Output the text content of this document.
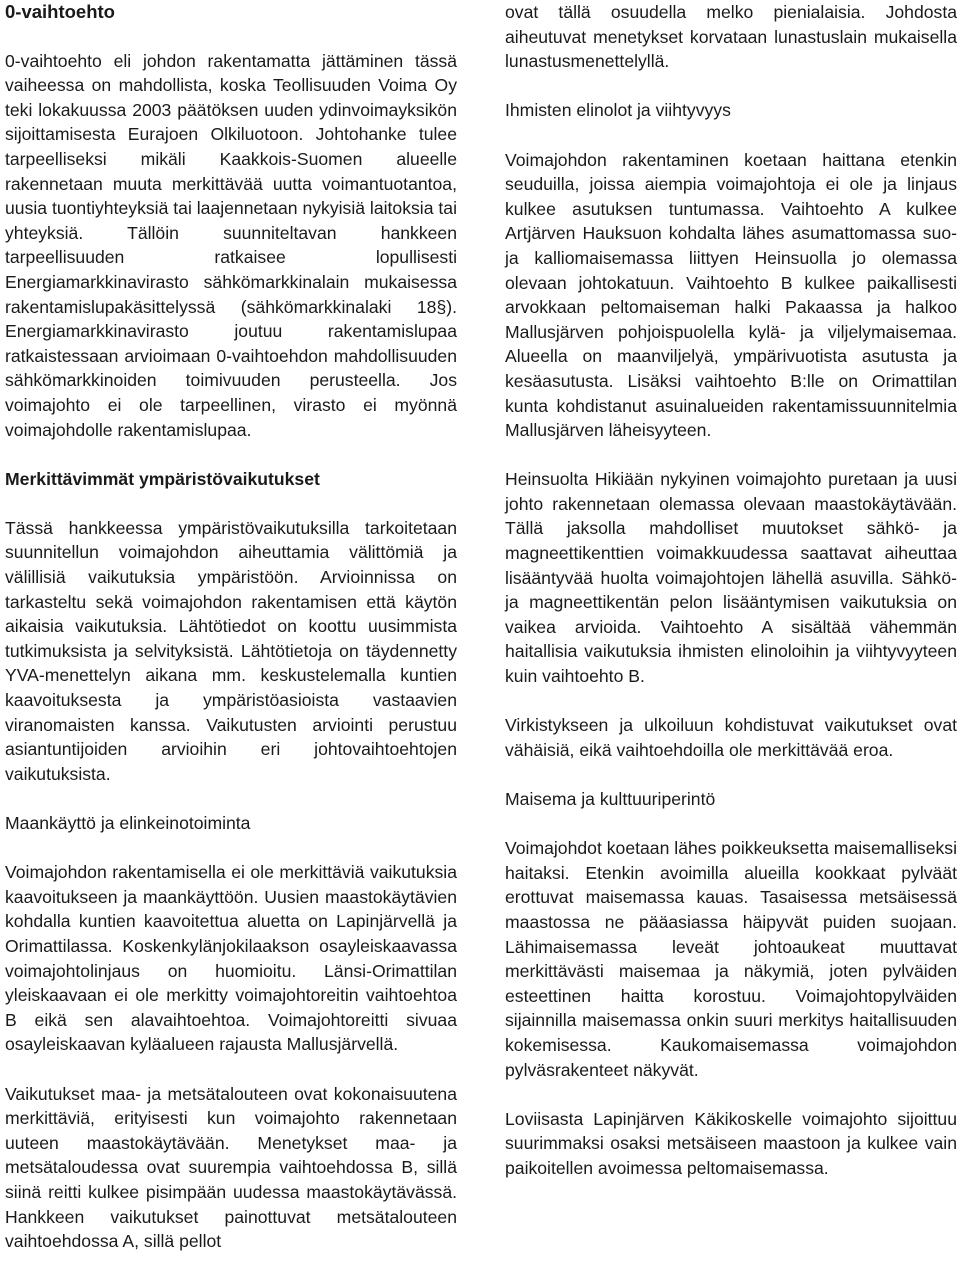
0-vaihtoehto

0-vaihtoehto eli johdon rakentamatta jättäminen tässä vaiheessa on mahdollista, koska Teollisuuden Voima Oy teki lokakuussa 2003 päätöksen uuden ydinvoimayksikön sijoittamisesta Eurajoen Olkiluotoon. Johtohanke tulee tarpeelliseksi mikäli Kaakkois-Suomen alueelle rakennetaan muuta merkittävää uutta voimantuotantoa, uusia tuontiyhteyksiä tai laajennetaan nykyisiä laitoksia tai yhteyksiä. Tällöin suunniteltavan hankkeen tarpeellisuuden ratkaisee lopullisesti Energiamarkkinavirasto sähkömarkkinalain mukaisessa rakentamislupakäsittelyssä (sähkömarkkinalaki 18§). Energiamarkkinavirasto joutuu rakentamislupaa ratkaistessaan arvioimaan 0-vaihtoehdon mahdollisuuden sähkömarkkinoiden toimivuuden perusteella. Jos voimajohto ei ole tarpeellinen, virasto ei myönnä voimajohdolle rakentamislupaa.

Merkittävimmät ympäristövaikutukset

Tässä hankkeessa ympäristövaikutuksilla tarkoitetaan suunnitellun voimajohdon aiheuttamia välittömiä ja välillisiä vaikutuksia ympäristöön. Arvioinnissa on tarkasteltu sekä voimajohdon rakentamisen että käytön aikaisia vaikutuksia. Lähtötiedot on koottu uusimmista tutkimuksista ja selvityksistä. Lähtötietoja on täydennetty YVA-menettelyn aikana mm. keskustelemalla kuntien kaavoituksesta ja ympäristöasioista vastaavien viranomaisten kanssa. Vaikutusten arviointi perustuu asiantuntijoiden arvioihin eri johtovaihtoehtojen vaikutuksista.

Maankäyttö ja elinkeinotoiminta

Voimajohdon rakentamisella ei ole merkittäviä vaikutuksia kaavoitukseen ja maankäyttöön. Uusien maastokäytävien kohdalla kuntien kaavoitettua aluetta on Lapinjärvellä ja Orimattilassa. Koskenkylänjokilaakson osayleiskaavassa voimajohtolinjaus on huomioitu. Länsi-Orimattilan yleiskaavaan ei ole merkitty voimajohtoreitin vaihtoehtoa B eikä sen alavaihtoehtoa. Voimajohtoreitti sivuaa osayleiskaavan kyläalueen rajausta Mallusjärvellä.

Vaikutukset maa- ja metsätalouteen ovat kokonaisuutena merkittäviä, erityisesti kun voimajohto rakennetaan uuteen maastokäytävään. Menetykset maa- ja metsätaloudessa ovat suurempia vaihtoehdossa B, sillä siinä reitti kulkee pisimpään uudessa maastokäytävässä. Hankkeen vaikutukset painottuvat metsätalouteen vaihtoehdossa A, sillä pellot

ovat tällä osuudella melko pienialaisia. Johdosta aiheutuvat menetykset korvataan lunastuslain mukaisella lunastusmenettelyllä.

Ihmisten elinolot ja viihtyvyys

Voimajohdon rakentaminen koetaan haittana etenkin seuduilla, joissa aiempia voimajohtoja ei ole ja linjaus kulkee asutuksen tuntumassa. Vaihtoehto A kulkee Artjärven Hauksuon kohdalta lähes asumattomassa suo- ja kalliomaisemassa liittyen Heinsuolla jo olemassa olevaan johtokatuun. Vaihtoehto B kulkee paikallisesti arvokkaan peltomaiseman halki Pakaassa ja halkoo Mallusjärven pohjoispuolella kylä- ja viljelymaisemaa. Alueella on maanviljelyä, ympärivuotista asutusta ja kesäasutusta. Lisäksi vaihtoehto B:lle on Orimattilan kunta kohdistanut asuinalueiden rakentamissuunnitelmia Mallusjärven läheisyyteen.

Heinsuolta Hikiään nykyinen voimajohto puretaan ja uusi johto rakennetaan olemassa olevaan maastokäytävään. Tällä jaksolla mahdolliset muutokset sähkö- ja magneettikenttien voimakkuudessa saattavat aiheuttaa lisääntyvää huolta voimajohtojen lähellä asuvilla. Sähkö- ja magneettikentän pelon lisääntymisen vaikutuksia on vaikea arvioida. Vaihtoehto A sisältää vähemmän haitallisia vaikutuksia ihmisten elinoloihin ja viihtyvyyteen kuin vaihtoehto B.

Virkistykseen ja ulkoiluun kohdistuvat vaikutukset ovat vähäisiä, eikä vaihtoehdoilla ole merkittävää eroa.

Maisema ja kulttuuriperintö

Voimajohdot koetaan lähes poikkeuksetta maisemalliseksi haitaksi. Etenkin avoimilla alueilla kookkaat pylväät erottuvat maisemassa kauas. Tasaisessa metsäisessä maastossa ne pääasiassa häipyvät puiden suojaan. Lähimaisemassa leveät johtoaukeat muuttavat merkittävästi maisemaa ja näkymiä, joten pylväiden esteettinen haitta korostuu. Voimajohtopylväiden sijainnilla maisemassa onkin suuri merkitys haitallisuuden kokemisessa. Kaukomaisemassa voimajohdon pylväsrakenteet näkyvät.

Loviisasta Lapinjärven Käkikoskelle voimajohto sijoittuu suurimmaksi osaksi metsäiseen maastoon ja kulkee vain paikoitellen avoimessa peltomaisemassa.
